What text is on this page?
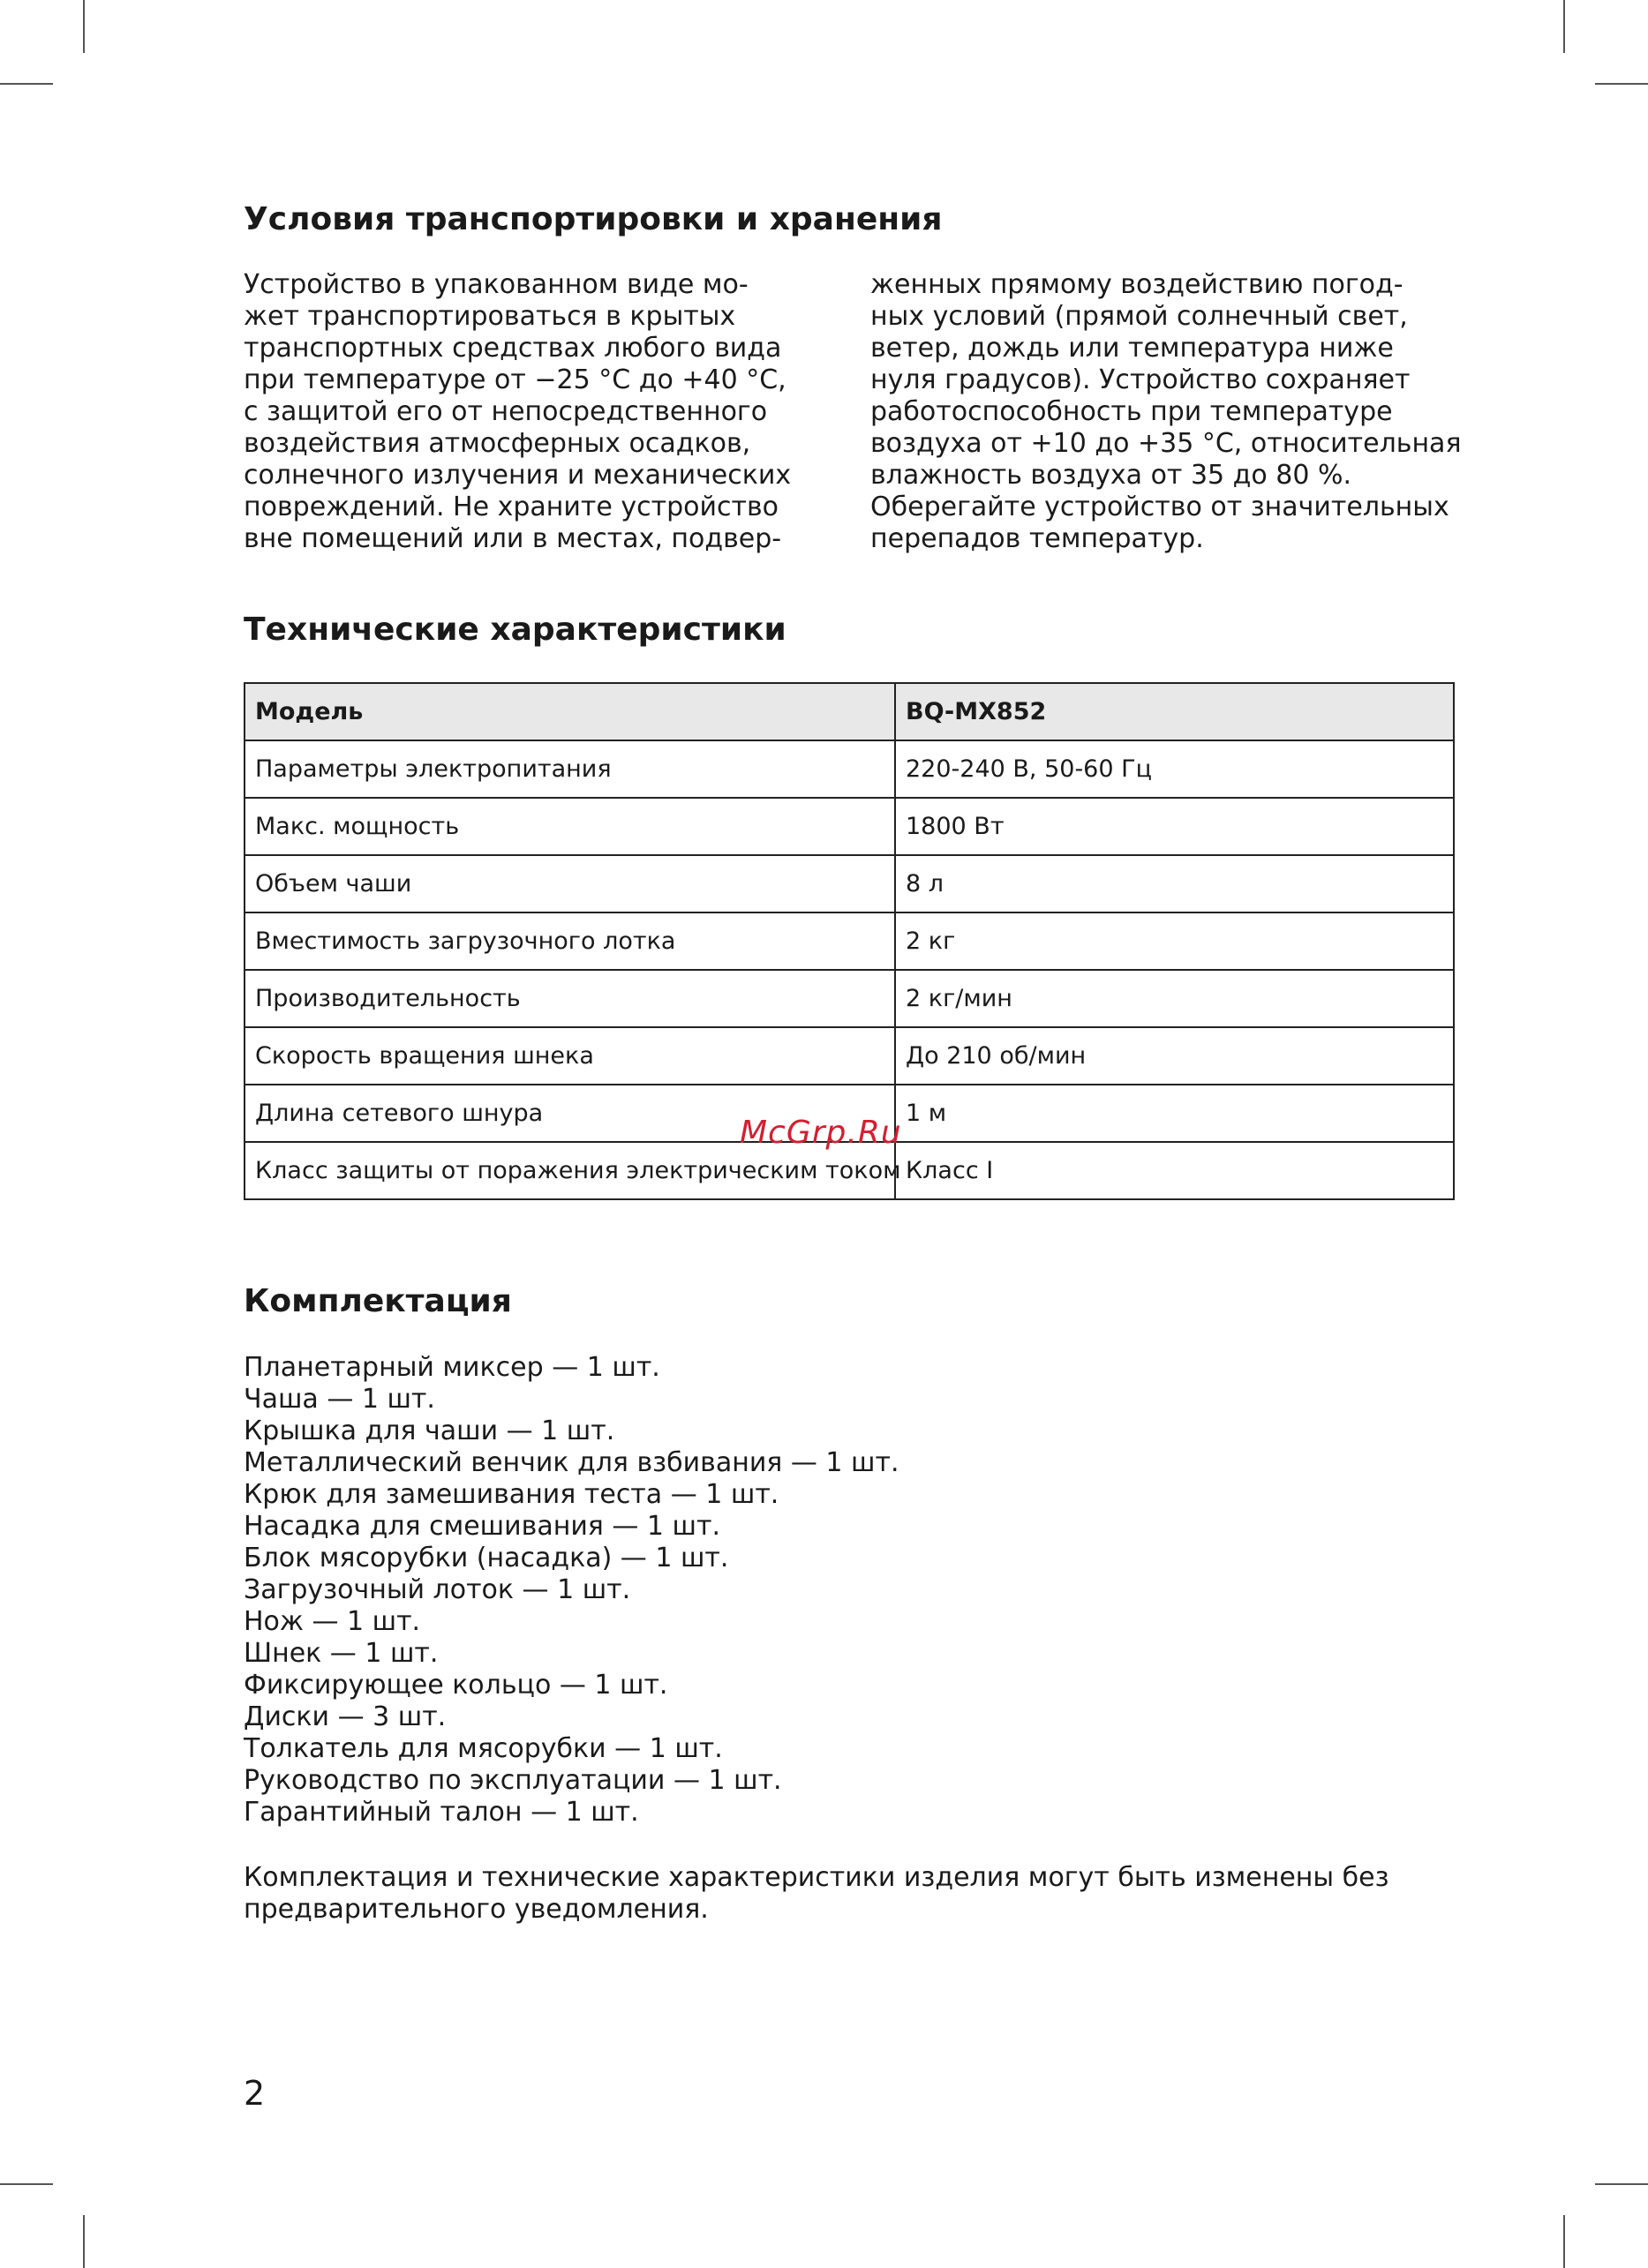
Условия транспортировки и хранения
Устройство в упакованном виде мо-
жет транспортироваться в крытых
транспортных средствах любого вида
при температуре от −25 °C до +40 °C,
с защитой его от непосредственного
воздействия атмосферных осадков,
солнечного излучения и механических
повреждений. Не храните устройство
вне помещений или в местах, подвер-
женных прямому воздействию погод-
ных условий (прямой солнечный свет,
ветер, дождь или температура ниже
нуля градусов). Устройство сохраняет
работоспособность при температуре
воздуха от +10 до +35 °C, относительная
влажность воздуха от 35 до 80 %.
Оберегайте устройство от значительных
перепадов температур.
Технические характеристики
Модель	BQ-MX852
Параметры электропитания	220-240 В, 50-60 Гц
Макс. мощность	1800 Вт
Объем чаши	8 л
Вместимость загрузочного лотка	2 кг
Производительность	2 кг/мин
Скорость вращения шнека	До 210 об/мин
Длина сетевого шнура	1 м
Класс защиты от поражения электрическим током	Класс I
McGrp.Ru
Комплектация
Планетарный миксер — 1 шт.
Чаша — 1 шт.
Крышка для чаши — 1 шт.
Металлический венчик для взбивания — 1 шт.
Крюк для замешивания теста — 1 шт.
Насадка для смешивания — 1 шт.
Блок мясорубки (насадка) — 1 шт.
Загрузочный лоток — 1 шт.
Нож — 1 шт.
Шнек — 1 шт.
Фиксирующее кольцо — 1 шт.
Диски — 3 шт.
Толкатель для мясорубки — 1 шт.
Руководство по эксплуатации — 1 шт.
Гарантийный талон — 1 шт.
Комплектация и технические характеристики изделия могут быть изменены без
предварительного уведомления.
2
